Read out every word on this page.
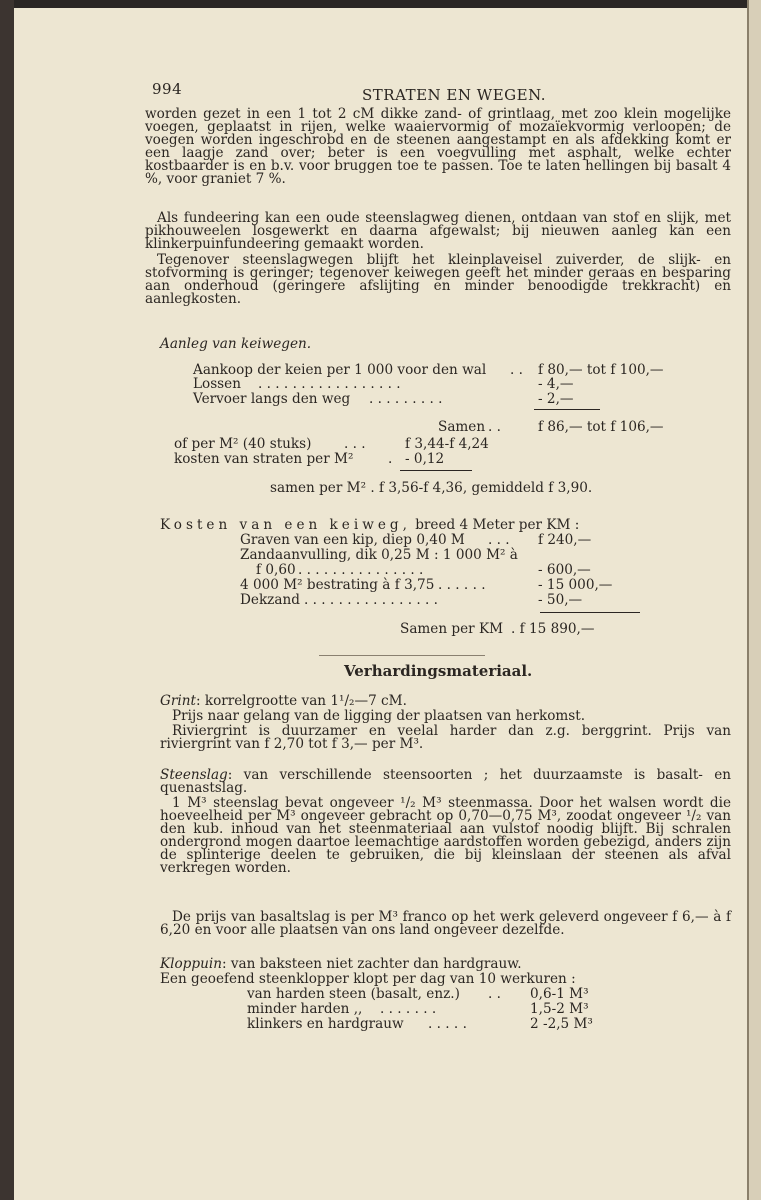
994	STRATEN EN WEGEN.
worden gezet in een 1 tot 2 cM dikke zand- of grintlaag, met zoo klein mogelijke voegen, geplaatst in rijen, welke waaiervormig of mozaïekvormig verloopen; de voegen worden ingeschrobd en de steenen aangestampt en als afdekking komt er een laagje zand over; beter is een voegvulling met asphalt, welke echter kostbaarder is en b.v. voor bruggen toe te passen. Toe te laten hellingen bij basalt 4 %, voor graniet 7 %.
Als fundeering kan een oude steenslagweg dienen, ontdaan van stof en slijk, met pikhouweelen losgewerkt en daarna afgewalst; bij nieuwen aanleg kan een klinkerpuinfundeering gemaakt worden.
Tegenover steenslagwegen blijft het kleinplaveisel zuiverder, de slijk- en stofvorming is geringer; tegenover keiwegen geeft het minder geraas en besparing aan onderhoud (geringere afslijting en minder benoodigde trekkracht) en aanlegkosten.
Aanleg van keiwegen.
Aankoop der keien per 1 000 voor den wal . . f 80,— tot f 100,—
Lossen . . . . . . . . . . . . . . . . .	- 4,—
Vervoer langs den weg . . . . . . . . .	- 2,—
Samen . .	f 86,— tot f 106,—
of per M² (40 stuks) . . .	f 3,44-f 4,24
kosten van straten per M²	. - 0,12
samen per M² . f 3,56-f 4,36, gemiddeld f 3,90.
Kosten van een keiweg, breed 4 Meter per KM :
Graven van een kip, diep 0,40 M . . . f 240,—
Zandaanvulling, dik 0,25 M : 1 000 M² à
f 0,60 . . . . . . . . . . . . . . .	- 600,—
4 000 M² bestrating à f 3,75 . . . . . .	- 15 000,—
Dekzand . . . . . . . . . . . . . . . .	- 50,—
Samen per KM . f 15 890,—
Verhardingsmateriaal.
Grint: korrelgrootte van 1¹/₂—7 cM.
Prijs naar gelang van de ligging der plaatsen van herkomst.
Riviergrint is duurzamer en veelal harder dan z.g. berggrint. Prijs van riviergrint van f 2,70 tot f 3,— per M³.
Steenslag: van verschillende steensoorten ; het duurzaamste is basalt- en quenastslag.
1 M³ steenslag bevat ongeveer ¹/₂ M³ steenmassa. Door het walsen wordt die hoeveelheid per M³ ongeveer gebracht op 0,70—0,75 M³, zoodat ongeveer ¹/₂ van den kub. inhoud van het steenmateriaal aan vulstof noodig blijft. Bij schralen ondergrond mogen daartoe leemachtige aardstoffen worden gebezigd, anders zijn de splinterige deelen te gebruiken, die bij kleinslaan der steenen als afval verkregen worden.
De prijs van basaltslag is per M³ franco op het werk geleverd ongeveer f 6,— à f 6,20 en voor alle plaatsen van ons land ongeveer dezelfde.
Kloppuin: van baksteen niet zachter dan hardgrauw.
Een geoefend steenklopper klopt per dag van 10 werkuren :
van harden steen (basalt, enz.) . . 0,6-1 M³
minder harden ,, . . . . . . .	1,5-2 M³
klinkers en hardgrauw . . . . .	2 -2,5 M³
